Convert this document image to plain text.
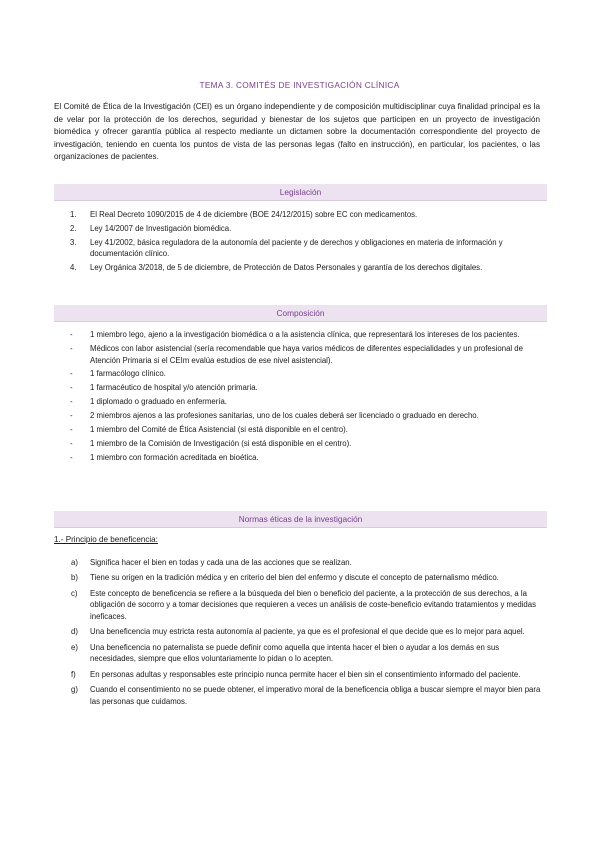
TEMA 3. COMITÉS DE INVESTIGACIÓN CLÍNICA
El Comité de Ética de la Investigación (CEI) es un órgano independiente y de composición multidisciplinar cuya finalidad principal es la de velar por la protección de los derechos, seguridad y bienestar de los sujetos que participen en un proyecto de investigación biomédica y ofrecer garantía pública al respecto mediante un dictamen sobre la documentación correspondiente del proyecto de investigación, teniendo en cuenta los puntos de vista de las personas legas (falto en instrucción), en particular, los pacientes, o las organizaciones de pacientes.
Legislación
1. El Real Decreto 1090/2015 de 4 de diciembre (BOE 24/12/2015) sobre EC con medicamentos.
2. Ley 14/2007 de Investigación biomédica.
3. Ley 41/2002, básica reguladora de la autonomía del paciente y de derechos y obligaciones en materia de información y documentación clínico.
4. Ley Orgánica 3/2018, de 5 de diciembre, de Protección de Datos Personales y garantía de los derechos digitales.
Composición
- 1 miembro lego, ajeno a la investigación biomédica o a la asistencia clínica, que representará los intereses de los pacientes.
- Médicos con labor asistencial (sería recomendable que haya varios médicos de diferentes especialidades y un profesional de Atención Primaria si el CEIm evalúa estudios de ese nivel asistencial).
- 1 farmacólogo clínico.
- 1 farmacéutico de hospital y/o atención primaria.
- 1 diplomado o graduado en enfermería.
- 2 miembros ajenos a las profesiones sanitarias, uno de los cuales deberá ser licenciado o graduado en derecho.
- 1 miembro del Comité de Ética Asistencial (si está disponible en el centro).
- 1 miembro de la Comisión de Investigación (si está disponible en el centro).
- 1 miembro con formación acreditada en bioética.
Normas éticas de la investigación
1.- Principio de beneficencia:
a) Significa hacer el bien en todas y cada una de las acciones que se realizan.
b) Tiene su origen en la tradición médica y en criterio del bien del enfermo y discute el concepto de paternalismo médico.
c) Este concepto de beneficencia se refiere a la búsqueda del bien o beneficio del paciente, a la protección de sus derechos, a la obligación de socorro y a tomar decisiones que requieren a veces un análisis de coste-beneficio evitando tratamientos y medidas ineficaces.
d) Una beneficencia muy estricta resta autonomía al paciente, ya que es el profesional el que decide que es lo mejor para aquel.
e) Una beneficencia no paternalista se puede definir como aquella que intenta hacer el bien o ayudar a los demás en sus necesidades, siempre que ellos voluntariamente lo pidan o lo acepten.
f) En personas adultas y responsables este principio nunca permite hacer el bien sin el consentimiento informado del paciente.
g) Cuando el consentimiento no se puede obtener, el imperativo moral de la beneficencia obliga a buscar siempre el mayor bien para las personas que cuidamos.
